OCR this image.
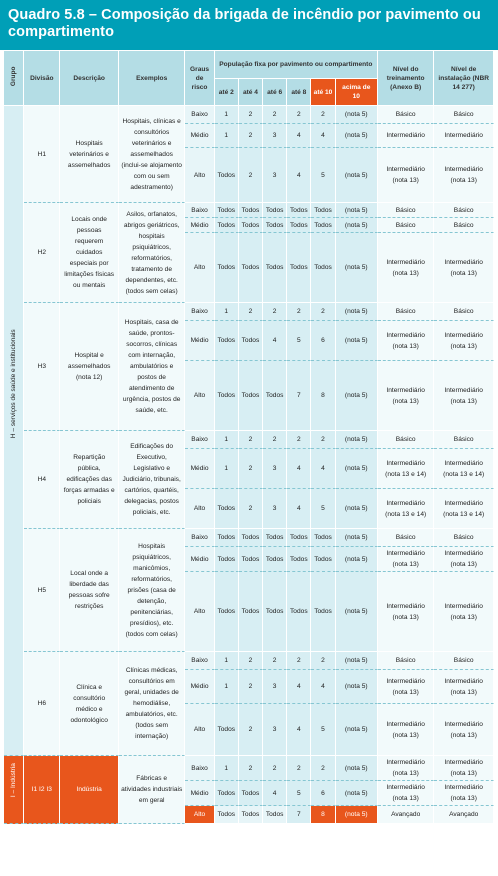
Quadro 5.8 – Composição da brigada de incêndio por pavimento ou compartimento
Grupo	Divisão	Descrição	Exemplos	Graus de risco	População fixa por pavimento ou compartimento						Nível do treinamento (Anexo B)	Nível de instalação (NBR 14 277)
					até 2	até 4	até 6	até 8	até 10	acima de 10		

H – serviços de saúde e institucionais	H1	Hospitais veterinários e assemelhados	Hospitais, clínicas e consultórios veterinários e assemelhados (inclui-se alojamento com ou sem adestramento)	Baixo	1	2	2	2	2	(nota 5)	Básico	Básico
				Médio	1	2	3	4	4	(nota 5)	Intermediário	Intermediário
				Alto	Todos	2	3	4	5	(nota 5)	Intermediário (nota 13)	Intermediário (nota 13)
	H2	Locais onde pessoas requerem cuidados especiais por limitações físicas ou mentais	Asilos, orfanatos, abrigos geriátricos, hospitais psiquiátricos, reformatórios, tratamento de dependentes, etc. (todos sem celas)	Baixo	Todos	Todos	Todos	Todos	Todos	(nota 5)	Básico	Básico
				Médio	Todos	Todos	Todos	Todos	Todos	(nota 5)	Básico	Básico
				Alto	Todos	Todos	Todos	Todos	Todos	(nota 5)	Intermediário (nota 13)	Intermediário (nota 13)
	H3	Hospital e assemelhados (nota 12)	Hospitais, casa de saúde, prontos-socorros, clínicas com internação, ambulatórios e postos de atendimento de urgência, postos de saúde, etc.	Baixo	1	2	2	2	2	(nota 5)	Básico	Básico
				Médio	Todos	Todos	4	5	6	(nota 5)	Intermediário (nota 13)	Intermediário (nota 13)
				Alto	Todos	Todos	Todos	7	8	(nota 5)	Intermediário (nota 13)	Intermediário (nota 13)
	H4	Repartição pública, edificações das forças armadas e policiais	Edificações do Executivo, Legislativo e Judiciário, tribunais, cartórios, quartéis, delegacias, postos policiais, etc.	Baixo	1	2	2	2	2	(nota 5)	Básico	Básico
				Médio	1	2	3	4	4	(nota 5)	Intermediário (nota 13 e 14)	Intermediário (nota 13 e 14)
				Alto	Todos	2	3	4	5	(nota 5)	Intermediário (nota 13 e 14)	Intermediário (nota 13 e 14)
	H5	Local onde a liberdade das pessoas sofre restrições	Hospitais psiquiátricos, manicômios, reformatórios, prisões (casa de detenção, penitenciárias, presídios), etc. (todos com celas)	Baixo	Todos	Todos	Todos	Todos	Todos	(nota 5)	Básico	Básico
				Médio	Todos	Todos	Todos	Todos	Todos	(nota 5)	Intermediário (nota 13)	Intermediário (nota 13)
				Alto	Todos	Todos	Todos	Todos	Todos	(nota 5)	Intermediário (nota 13)	Intermediário (nota 13)
	H6	Clínica e consultório médico e odontológico	Clínicas médicas, consultórios em geral, unidades de hemodiálise, ambulatórios, etc. (todos sem internação)	Baixo	1	2	2	2	2	(nota 5)	Básico	Básico
				Médio	1	2	3	4	4	(nota 5)	Intermediário (nota 13)	Intermediário (nota 13)
				Alto	Todos	2	3	4	5	(nota 5)	Intermediário (nota 13)	Intermediário (nota 13)

I – Indústria	I1 I2 I3	Indústria	Fábricas e atividades industriais em geral	Baixo	1	2	2	2	2	(nota 5)	Intermediário (nota 13)	Intermediário (nota 13)
				Médio	Todos	Todos	4	5	6	(nota 5)	Intermediário (nota 13)	Intermediário (nota 13)
				Alto	Todos	Todos	Todos	7	8	(nota 5)	Avançado	Avançado
